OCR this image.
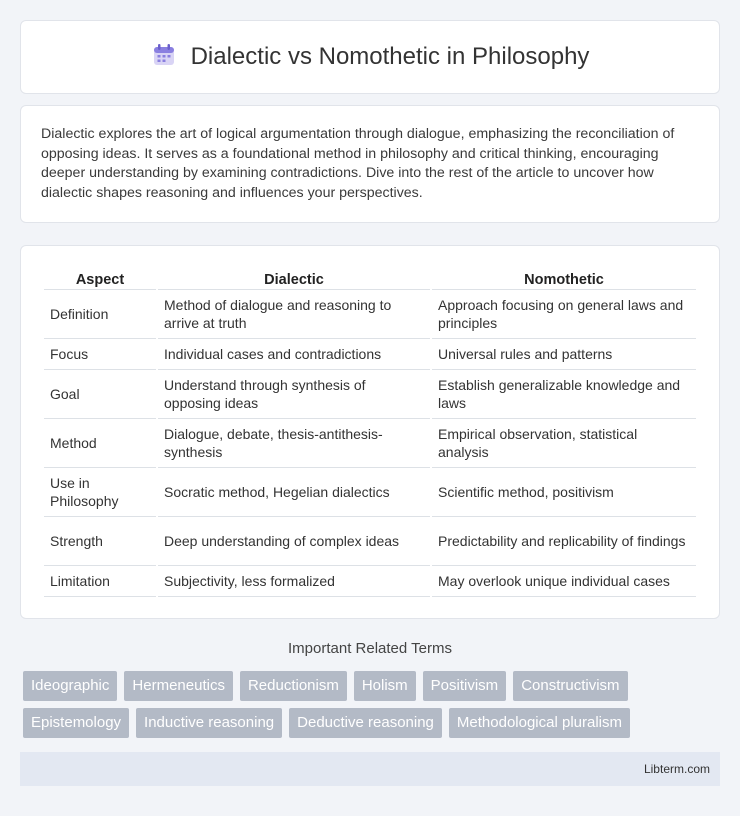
Dialectic vs Nomothetic in Philosophy

Dialectic explores the art of logical argumentation through dialogue, emphasizing the reconciliation of opposing ideas. It serves as a foundational method in philosophy and critical thinking, encouraging deeper understanding by examining contradictions. Dive into the rest of the article to uncover how dialectic shapes reasoning and influences your perspectives.

Aspect	Dialectic	Nomothetic
Definition	Method of dialogue and reasoning to arrive at truth	Approach focusing on general laws and principles
Focus	Individual cases and contradictions	Universal rules and patterns
Goal	Understand through synthesis of opposing ideas	Establish generalizable knowledge and laws
Method	Dialogue, debate, thesis-antithesis-synthesis	Empirical observation, statistical analysis
Use in Philosophy	Socratic method, Hegelian dialectics	Scientific method, positivism
Strength	Deep understanding of complex ideas	Predictability and replicability of findings
Limitation	Subjectivity, less formalized	May overlook unique individual cases
Important Related Terms
Ideographic	Hermeneutics	Reductionism	Holism	Positivism	Constructivism
Epistemology	Inductive reasoning	Deductive reasoning	Methodological pluralism
Libterm.com
